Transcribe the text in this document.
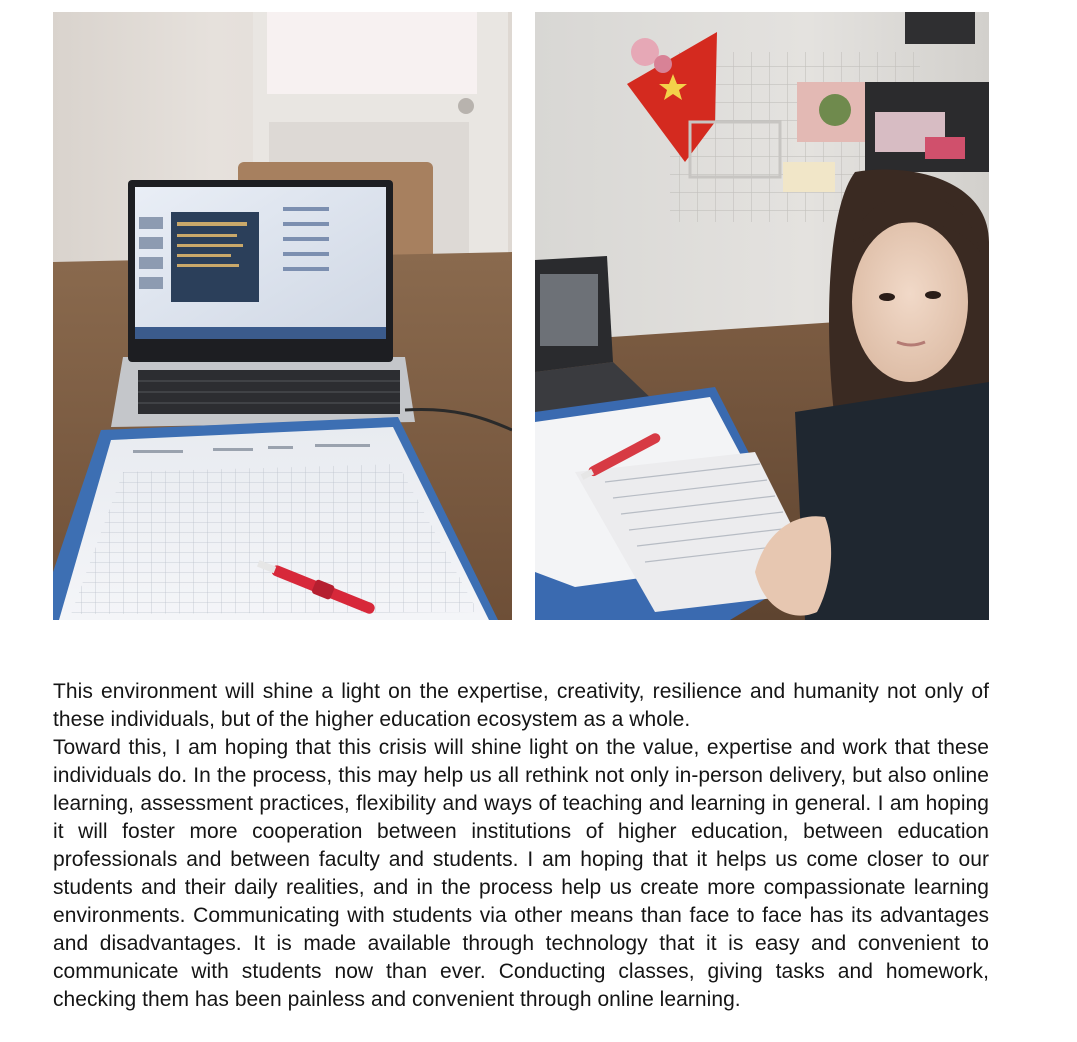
This environment will shine a light on the expertise, creativity, resilience and humanity not only of these individuals, but of the higher education ecosystem as a whole.

Toward this, I am hoping that this crisis will shine light on the value, expertise and work that these individuals do. In the process, this may help us all rethink not only in-person delivery, but also online learning, assessment practices, flexibility and ways of teaching and learning in general. I am hoping it will foster more cooperation between institutions of higher education, between education professionals and between faculty and students. I am hoping that it helps us come closer to our students and their daily realities, and in the process help us create more compassionate learning environments. Communicating with students via other means than face to face has its advantages and disadvantages. It is made available through technology that it is easy and convenient to communicate with students now than ever. Conducting classes, giving tasks and homework, checking them has been painless and convenient through online learning.
